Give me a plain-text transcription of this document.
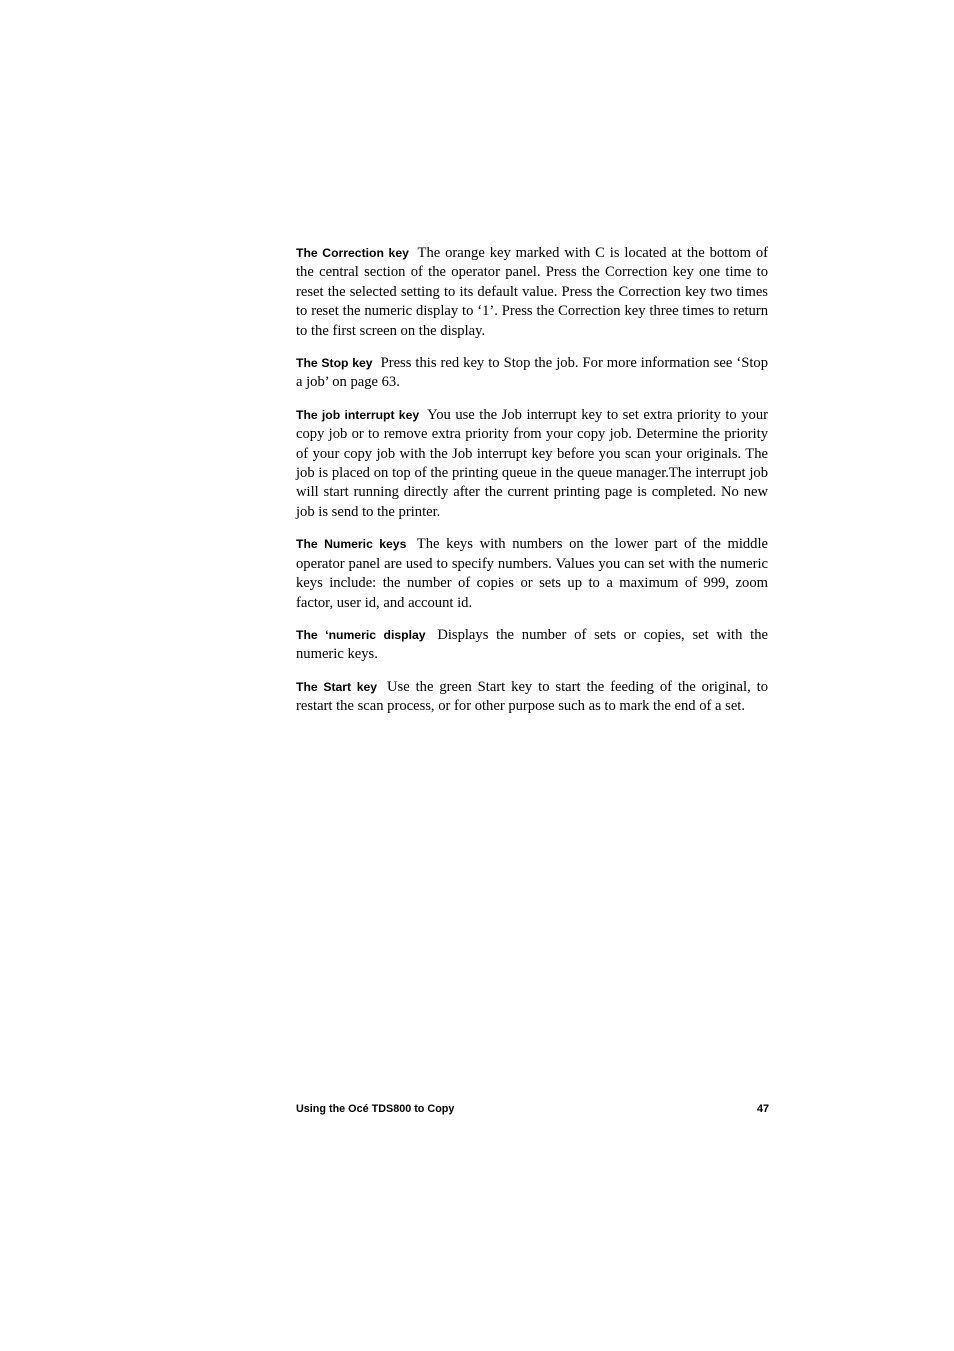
The Correction key The orange key marked with C is located at the bottom of the central section of the operator panel. Press the Correction key one time to reset the selected setting to its default value. Press the Correction key two times to reset the numeric display to ‘1’. Press the Correction key three times to return to the first screen on the display.

The Stop key Press this red key to Stop the job. For more information see ‘Stop a job’ on page 63.

The job interrupt key You use the Job interrupt key to set extra priority to your copy job or to remove extra priority from your copy job. Determine the priority of your copy job with the Job interrupt key before you scan your originals. The job is placed on top of the printing queue in the queue manager.The interrupt job will start running directly after the current printing page is completed. No new job is send to the printer.

The Numeric keys The keys with numbers on the lower part of the middle operator panel are used to specify numbers. Values you can set with the numeric keys include: the number of copies or sets up to a maximum of 999, zoom factor, user id, and account id.

The ‘numeric display Displays the number of sets or copies, set with the numeric keys.

The Start key Use the green Start key to start the feeding of the original, to restart the scan process, or for other purpose such as to mark the end of a set.

Using the Océ TDS800 to Copy	47
